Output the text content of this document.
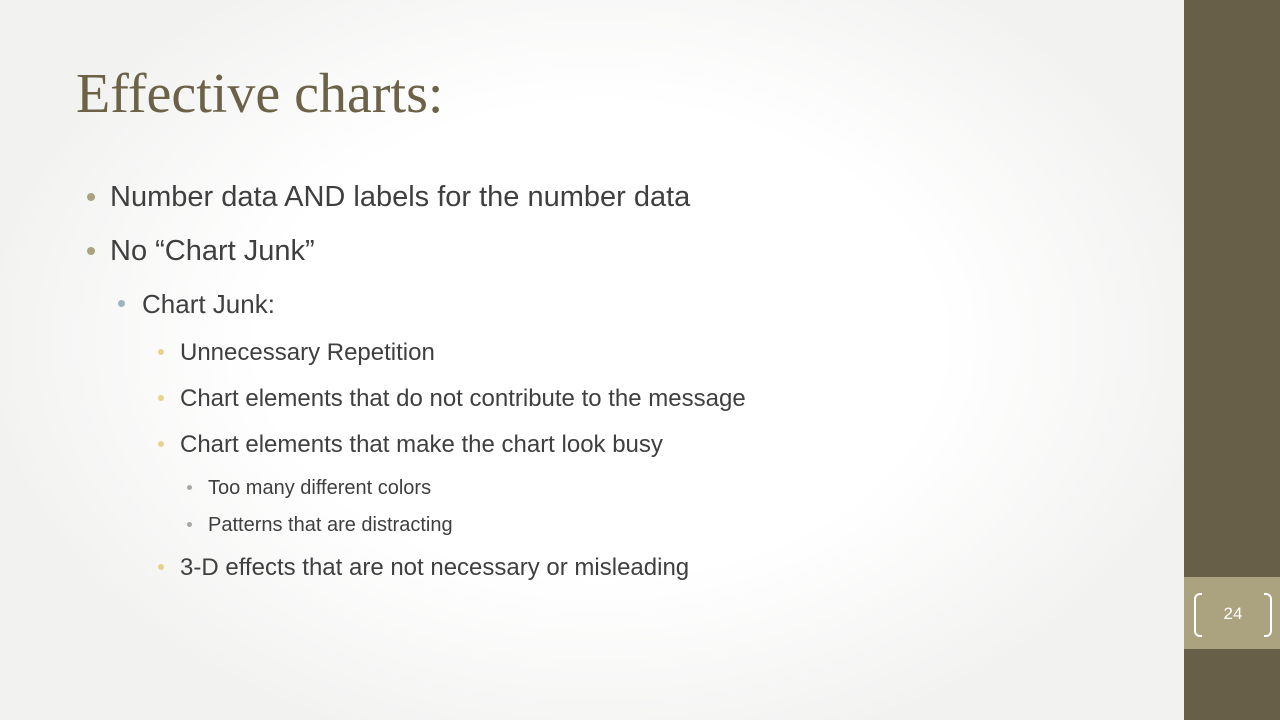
Effective charts:
Number data AND labels for the number data
No “Chart Junk”
Chart Junk:
Unnecessary Repetition
Chart elements that do not contribute to the message
Chart elements that make the chart look busy
Too many different colors
Patterns that are distracting
3-D effects that are not necessary or misleading
24
